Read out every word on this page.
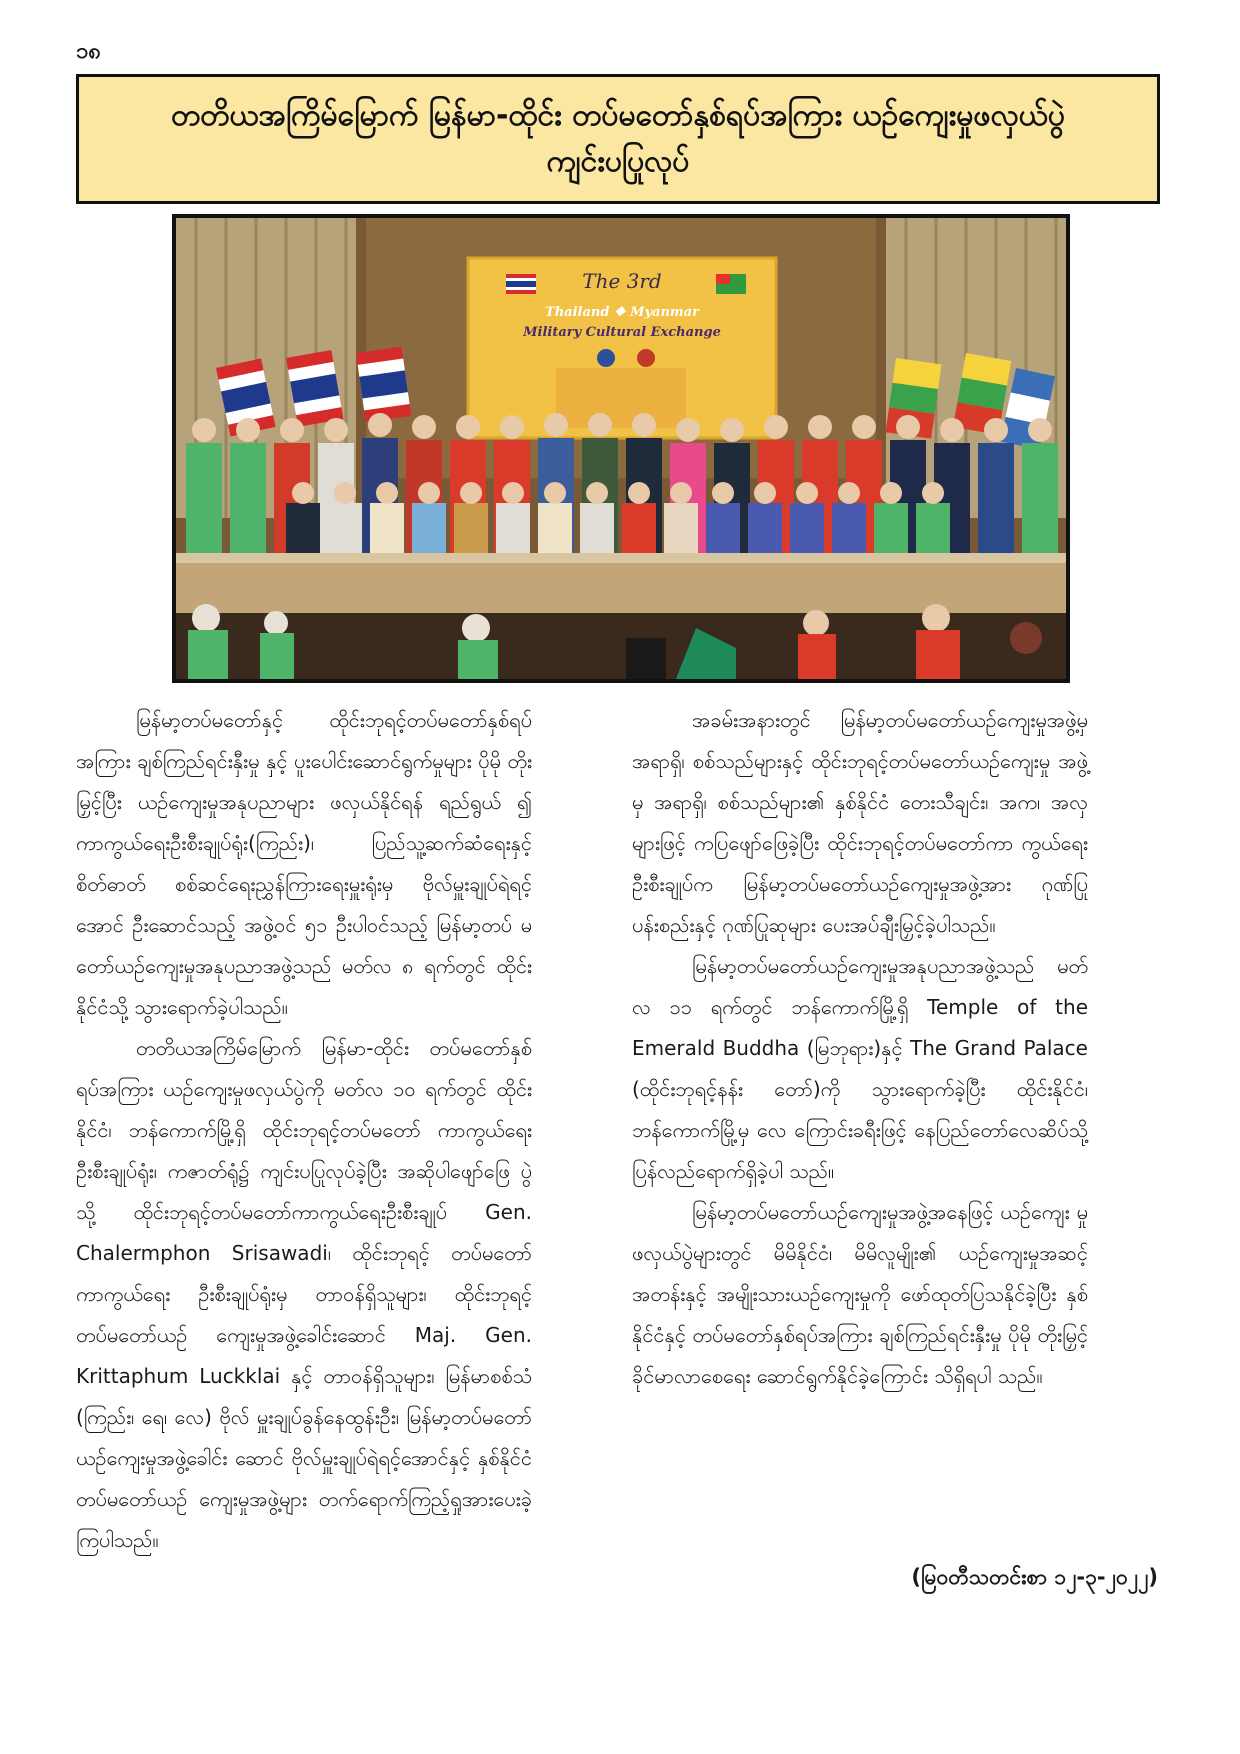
၁၈
တတိယအကြိမ်မြောက် မြန်မာ-ထိုင်း တပ်မတော်နှစ်ရပ်အကြား ယဉ်ကျေးမှုဖလှယ်ပွဲ
ကျင်းပပြုလုပ်
The 3rd
Thailand ❖ Myanmar
Military Cultural Exchange

မြန်မာ့တပ်မတော်နှင့် ထိုင်းဘုရင့်တပ်မတော်နှစ်ရပ် အကြား ချစ်ကြည်ရင်းနှီးမှု နှင့် ပူးပေါင်းဆောင်ရွက်မှုများ ပိုမို တိုးမြှင့်ပြီး ယဉ်ကျေးမှုအနုပညာများ ဖလှယ်နိုင်ရန် ရည်ရွယ် ၍ ကာကွယ်ရေးဦးစီးချုပ်ရုံး(ကြည်း)၊ ပြည်သူ့ဆက်ဆံရေးနှင့် စိတ်ဓာတ် စစ်ဆင်ရေးညွှန်ကြားရေးမှူးရုံးမှ ဗိုလ်မှူးချုပ်ရဲရင့် အောင် ဦးဆောင်သည့် အဖွဲ့ဝင် ၅၁ ဦးပါဝင်သည့် မြန်မာ့တပ် မတော်ယဉ်ကျေးမှုအနုပညာအဖွဲ့သည် မတ်လ ၈ ရက်တွင် ထိုင်းနိုင်ငံသို့ သွားရောက်ခဲ့ပါသည်။

တတိယအကြိမ်မြောက် မြန်မာ-ထိုင်း တပ်မတော်နှစ် ရပ်အကြား ယဉ်ကျေးမှုဖလှယ်ပွဲကို မတ်လ ၁၀ ရက်တွင် ထိုင်း နိုင်ငံ၊ ဘန်ကောက်မြို့ရှိ ထိုင်းဘုရင့်တပ်မတော် ကာကွယ်ရေး ဦးစီးချုပ်ရုံး၊ ကဇာတ်ရုံ၌ ကျင်းပပြုလုပ်ခဲ့ပြီး အဆိုပါဖျော်ဖြေ ပွဲသို့ ထိုင်းဘုရင့်တပ်မတော်ကာကွယ်ရေးဦးစီးချုပ် Gen. Chalermphon Srisawadi၊ ထိုင်းဘုရင့် တပ်မတော်ကာကွယ်ရေး ဦးစီးချုပ်ရုံးမှ တာဝန်ရှိသူများ၊ ထိုင်းဘုရင့်တပ်မတော်ယဉ် ကျေးမှုအဖွဲ့ခေါင်းဆောင် Maj. Gen. Krittaphum Luckklai နှင့် တာဝန်ရှိသူများ၊ မြန်မာစစ်သံ (ကြည်း၊ ရေ၊ လေ) ဗိုလ် မှူးချုပ်ခွန်နေထွန်းဦး၊ မြန်မာ့တပ်မတော်ယဉ်ကျေးမှုအဖွဲ့ခေါင်း ဆောင် ဗိုလ်မှူးချုပ်ရဲရင့်အောင်နှင့် နှစ်နိုင်ငံတပ်မတော်ယဉ် ကျေးမှုအဖွဲ့များ တက်ရောက်ကြည့်ရှုအားပေးခဲ့ကြပါသည်။

အခမ်းအနားတွင် မြန်မာ့တပ်မတော်ယဉ်ကျေးမှုအဖွဲ့မှ အရာရှိ၊ စစ်သည်များနှင့် ထိုင်းဘုရင့်တပ်မတော်ယဉ်ကျေးမှု အဖွဲ့မှ အရာရှိ၊ စစ်သည်များ၏ နှစ်နိုင်ငံ တေးသီချင်း၊ အက၊ အလှများဖြင့် ကပြဖျော်ဖြေခဲ့ပြီး ထိုင်းဘုရင့်တပ်မတော်ကာ ကွယ်ရေးဦးစီးချုပ်က မြန်မာ့တပ်မတော်ယဉ်ကျေးမှုအဖွဲ့အား ဂုဏ်ပြုပန်းစည်းနှင့် ဂုဏ်ပြုဆုများ ပေးအပ်ချီးမြှင့်ခဲ့ပါသည်။

မြန်မာ့တပ်မတော်ယဉ်ကျေးမှုအနုပညာအဖွဲ့သည် မတ် လ ၁၁ ရက်တွင် ဘန်ကောက်မြို့ရှိ Temple of the Emerald Buddha (မြဘုရား)နှင့် The Grand Palace (ထိုင်းဘုရင့်နန်း တော်)ကို သွားရောက်ခဲ့ပြီး ထိုင်းနိုင်ငံ၊ ဘန်ကောက်မြို့မှ လေ ကြောင်းခရီးဖြင့် နေပြည်တော်လေဆိပ်သို့ ပြန်လည်ရောက်ရှိခဲ့ပါ သည်။

မြန်မာ့တပ်မတော်ယဉ်ကျေးမှုအဖွဲ့အနေဖြင့် ယဉ်ကျေး မှုဖလှယ်ပွဲများတွင် မိမိနိုင်ငံ၊ မိမိလူမျိုး၏ ယဉ်ကျေးမှုအဆင့် အတန်းနှင့် အမျိုးသားယဉ်ကျေးမှုကို ဖော်ထုတ်ပြသနိုင်ခဲ့ပြီး နှစ်နိုင်ငံနှင့် တပ်မတော်နှစ်ရပ်အကြား ချစ်ကြည်ရင်းနှီးမှု ပိုမို တိုးမြှင့်ခိုင်မာလာစေရေး ဆောင်ရွက်နိုင်ခဲ့ကြောင်း သိရှိရပါ သည်။

(မြဝတီသတင်းစာ ၁၂-၃-၂၀၂၂)
